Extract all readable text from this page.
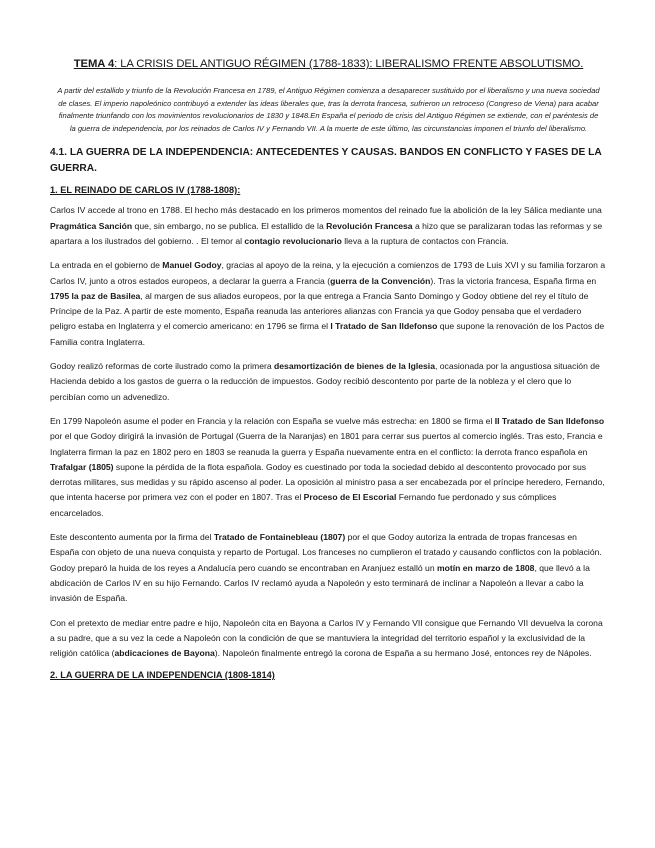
TEMA 4: LA CRISIS DEL ANTIGUO RÉGIMEN (1788-1833): LIBERALISMO FRENTE ABSOLUTISMO.
A partir del estallido y triunfo de la Revolución Francesa en 1789, el Antiguo Régimen comienza a desaparecer sustituido por el liberalismo y una nueva sociedad de clases. El imperio napoleónico contribuyó a extender las ideas liberales que, tras la derrota francesa, sufrieron un retroceso (Congreso de Viena) para acabar finalmente triunfando con los movimientos revolucionarios de 1830 y 1848.En España el periodo de crisis del Antiguo Régimen se extiende, con el paréntesis de la guerra de independencia, por los reinados de Carlos IV y Fernando VII. A la muerte de este último, las circunstancias imponen el triunfo del liberalismo.
4.1. LA GUERRA DE LA INDEPENDENCIA: ANTECEDENTES Y CAUSAS. BANDOS EN CONFLICTO Y FASES DE LA GUERRA.
1. EL REINADO DE CARLOS IV (1788-1808):
Carlos IV accede al trono en 1788. El hecho más destacado en los primeros momentos del reinado fue la abolición de la ley Sálica mediante una Pragmática Sanción que, sin embargo, no se publica. El estallido de la Revolución Francesa a hizo que se paralizaran todas las reformas y se apartara a los ilustrados del gobierno. . El temor al contagio revolucionario lleva a la ruptura de contactos con Francia.
La entrada en el gobierno de Manuel Godoy, gracias al apoyo de la reina, y la ejecución a comienzos de 1793 de Luis XVI y su familia forzaron a Carlos IV, junto a otros estados europeos, a declarar la guerra a Francia (guerra de la Convención). Tras la victoria francesa, España firma en 1795 la paz de Basilea, al margen de sus aliados europeos, por la que entrega a Francia Santo Domingo y Godoy obtiene del rey el título de Príncipe de la Paz. A partir de este momento, España reanuda las anteriores alianzas con Francia ya que Godoy pensaba que el verdadero peligro estaba en Inglaterra y el comercio americano: en 1796 se firma el I Tratado de San Ildefonso que supone la renovación de los Pactos de Familia contra Inglaterra.
Godoy realizó reformas de corte ilustrado como la primera desamortización de bienes de la Iglesia, ocasionada por la angustiosa situación de Hacienda debido a los gastos de guerra o la reducción de impuestos. Godoy recibió descontento por parte de la nobleza y el clero que lo percibían como un advenedizo.
En 1799 Napoleón asume el poder en Francia y la relación con España se vuelve más estrecha: en 1800 se firma el II Tratado de San Ildefonso por el que Godoy dirigirá la invasión de Portugal (Guerra de la Naranjas) en 1801 para cerrar sus puertos al comercio inglés. Tras esto, Francia e Inglaterra firman la paz en 1802 pero en 1803 se reanuda la guerra y España nuevamente entra en el conflicto: la derrota franco española en Trafalgar (1805) supone la pérdida de la flota española. Godoy es cuestinado por toda la sociedad debido al descontento provocado por sus derrotas militares, sus medidas y su rápido ascenso al poder. La oposición al ministro pasa a ser encabezada por el príncipe heredero, Fernando, que intenta hacerse por primera vez con el poder en 1807. Tras el Proceso de El Escorial Fernando fue perdonado y sus cómplices encarcelados.
Este descontento aumenta por la firma del Tratado de Fontainebleau (1807) por el que Godoy autoriza la entrada de tropas francesas en España con objeto de una nueva conquista y reparto de Portugal. Los franceses no cumplieron el tratado y causando conflictos con la población. Godoy preparó la huida de los reyes a Andalucía pero cuando se encontraban en Aranjuez estalló un motín en marzo de 1808, que llevó a la abdicación de Carlos IV en su hijo Fernando. Carlos IV reclamó ayuda a Napoleón y esto terminará de inclinar a Napoleón a llevar a cabo la invasión de España.
Con el pretexto de mediar entre padre e hijo, Napoleón cita en Bayona a Carlos IV y Fernando VII consigue que Fernando VII devuelva la corona a su padre, que a su vez la cede a Napoleón con la condición de que se mantuviera la integridad del territorio español y la exclusividad de la religión católica (abdicaciones de Bayona). Napoleón finalmente entregó la corona de España a su hermano José, entonces rey de Nápoles.
2. LA GUERRA DE LA INDEPENDENCIA (1808-1814)
